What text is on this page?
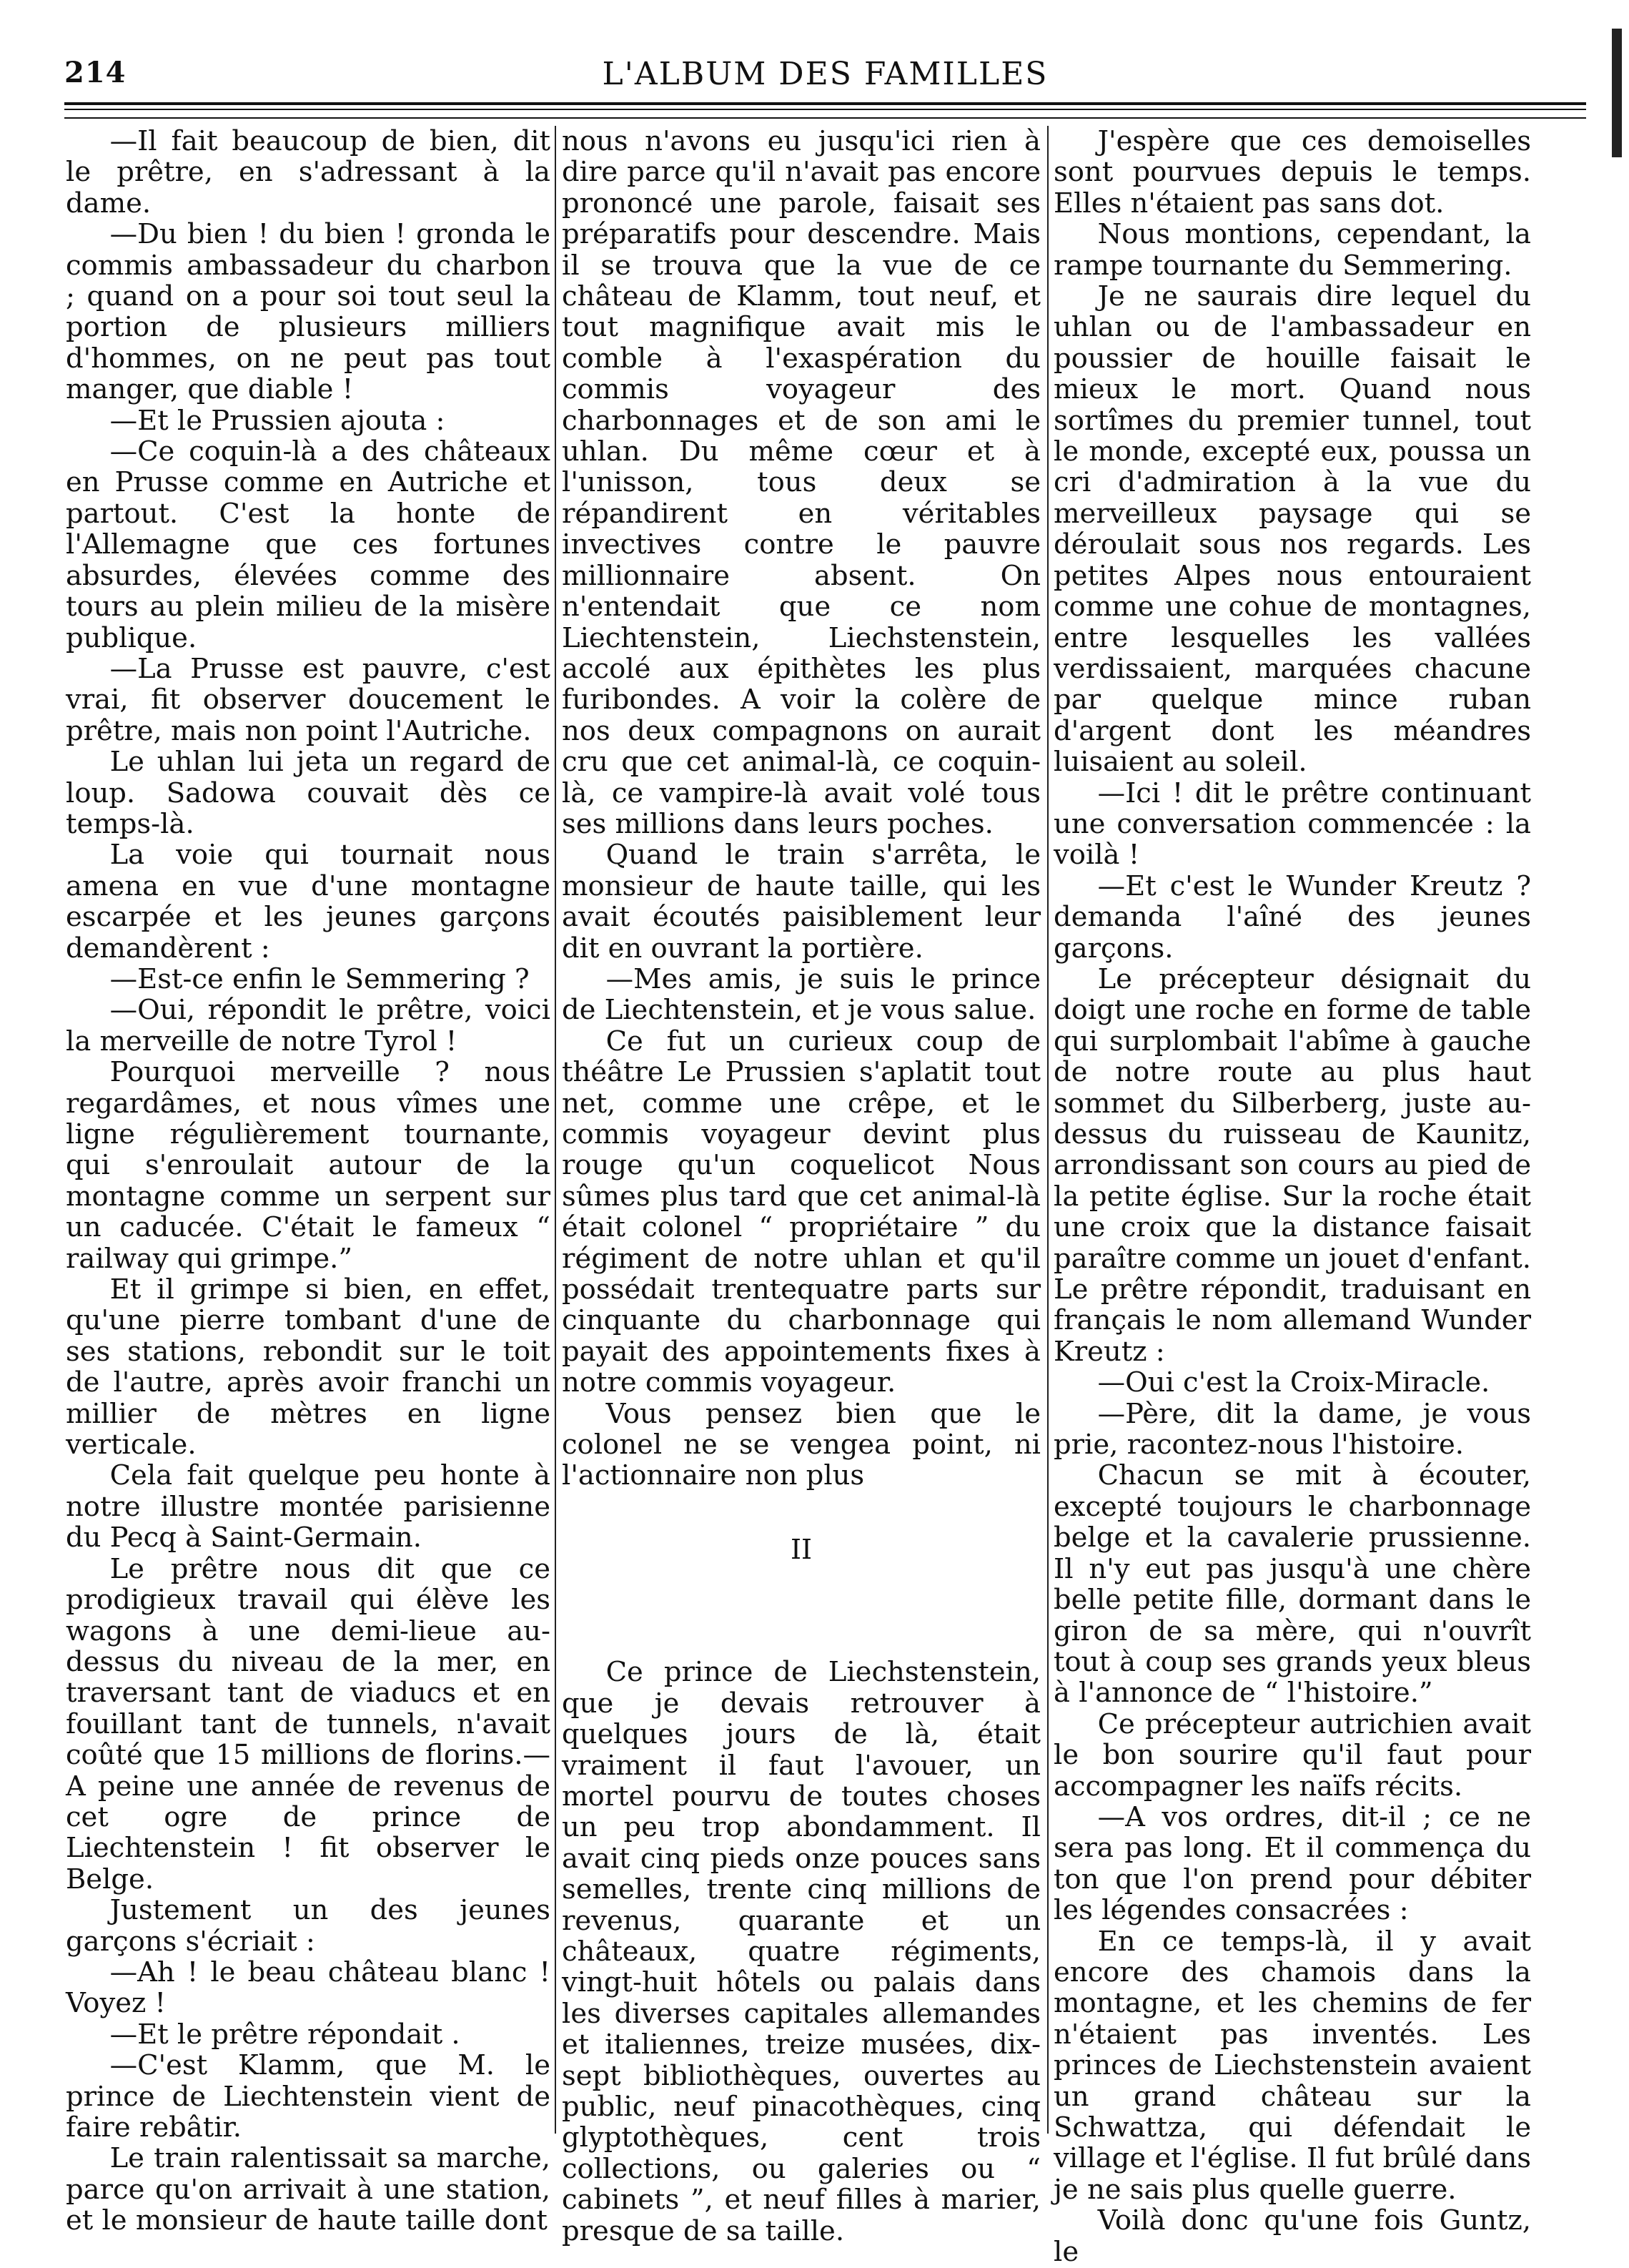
214	L'ALBUM DES FAMILLES

—Il fait beaucoup de bien, dit le prêtre, en s'adressant à la dame.

—Du bien ! du bien ! gronda le commis ambassadeur du charbon ; quand on a pour soi tout seul la portion de plusieurs milliers d'hommes, on ne peut pas tout manger, que diable !

—Et le Prussien ajouta :

—Ce coquin-là a des châteaux en Prusse comme en Autriche et partout. C'est la honte de l'Allemagne que ces fortunes absurdes, élevées comme des tours au plein milieu de la misère publique.

—La Prusse est pauvre, c'est vrai, fit observer doucement le prêtre, mais non point l'Autriche.

Le uhlan lui jeta un regard de loup. Sadowa couvait dès ce temps-là.

La voie qui tournait nous amena en vue d'une montagne escarpée et les jeunes garçons demandèrent :

—Est-ce enfin le Semmering ?

—Oui, répondit le prêtre, voici la merveille de notre Tyrol !

Pourquoi merveille ? nous regardâmes, et nous vîmes une ligne régulièrement tournante, qui s'enroulait autour de la montagne comme un serpent sur un caducée. C'était le fameux “ railway qui grimpe.”

Et il grimpe si bien, en effet, qu'une pierre tombant d'une de ses stations, rebondit sur le toit de l'autre, après avoir franchi un millier de mètres en ligne verticale.

Cela fait quelque peu honte à notre illustre montée parisienne du Pecq à Saint-Germain.

Le prêtre nous dit que ce prodigieux travail qui élève les wagons à une demi-lieue au-dessus du niveau de la mer, en traversant tant de viaducs et en fouillant tant de tunnels, n'avait coûté que 15 millions de florins.—A peine une année de revenus de cet ogre de prince de Liechtenstein ! fit observer le Belge.

Justement un des jeunes garçons s'écriait :

—Ah ! le beau château blanc ! Voyez !

—Et le prêtre répondait .

—C'est Klamm, que M. le prince de Liechtenstein vient de faire rebâtir.

Le train ralentissait sa marche, parce qu'on arrivait à une station, et le monsieur de haute taille dont

nous n'avons eu jusqu'ici rien à dire parce qu'il n'avait pas encore prononcé une parole, faisait ses préparatifs pour descendre. Mais il se trouva que la vue de ce château de Klamm, tout neuf, et tout magnifique avait mis le comble à l'exaspération du commis voyageur des charbonnages et de son ami le uhlan. Du même cœur et à l'unisson, tous deux se répandirent en véritables invectives contre le pauvre millionnaire absent. On n'entendait que ce nom Liechtenstein, Liechstenstein, accolé aux épithètes les plus furibondes. A voir la colère de nos deux compagnons on aurait cru que cet animal-là, ce coquin-là, ce vampire-là avait volé tous ses millions dans leurs poches.

Quand le train s'arrêta, le monsieur de haute taille, qui les avait écoutés paisiblement leur dit en ouvrant la portière.

—Mes amis, je suis le prince de Liechtenstein, et je vous salue.

Ce fut un curieux coup de théâtre Le Prussien s'aplatit tout net, comme une crêpe, et le commis voyageur devint plus rouge qu'un coquelicot Nous sûmes plus tard que cet animal-là était colonel “ propriétaire ” du régiment de notre uhlan et qu'il possédait trentequatre parts sur cinquante du charbonnage qui payait des appointements fixes à notre commis voyageur.

Vous pensez bien que le colonel ne se vengea point, ni l'actionnaire non plus

II

Ce prince de Liechstenstein, que je devais retrouver à quelques jours de là, était vraiment il faut l'avouer, un mortel pourvu de toutes choses un peu trop abondamment. Il avait cinq pieds onze pouces sans semelles, trente cinq millions de revenus, quarante et un châteaux, quatre régiments, vingt-huit hôtels ou palais dans les diverses capitales allemandes et italiennes, treize musées, dix-sept bibliothèques, ouvertes au public, neuf pinacothèques, cinq glyptothèques, cent trois collections, ou galeries ou “ cabinets ”, et neuf filles à marier, presque de sa taille.

J'espère que ces demoiselles sont pourvues depuis le temps. Elles n'étaient pas sans dot.

Nous montions, cependant, la rampe tournante du Semmering.

Je ne saurais dire lequel du uhlan ou de l'ambassadeur en poussier de houille faisait le mieux le mort. Quand nous sortîmes du premier tunnel, tout le monde, excepté eux, poussa un cri d'admiration à la vue du merveilleux paysage qui se déroulait sous nos regards. Les petites Alpes nous entouraient comme une cohue de montagnes, entre lesquelles les vallées verdissaient, marquées chacune par quelque mince ruban d'argent dont les méandres luisaient au soleil.

—Ici ! dit le prêtre continuant une conversation commencée : la voilà !

—Et c'est le Wunder Kreutz ? demanda l'aîné des jeunes garçons.

Le précepteur désignait du doigt une roche en forme de table qui surplombait l'abîme à gauche de notre route au plus haut sommet du Silberberg, juste au-dessus du ruisseau de Kaunitz, arrondissant son cours au pied de la petite église. Sur la roche était une croix que la distance faisait paraître comme un jouet d'enfant. Le prêtre répondit, traduisant en français le nom allemand Wunder Kreutz :

—Oui c'est la Croix-Miracle.

—Père, dit la dame, je vous prie, racontez-nous l'histoire.

Chacun se mit à écouter, excepté toujours le charbonnage belge et la cavalerie prussienne. Il n'y eut pas jusqu'à une chère belle petite fille, dormant dans le giron de sa mère, qui n'ouvrît tout à coup ses grands yeux bleus à l'annonce de “ l'histoire.”

Ce précepteur autrichien avait le bon sourire qu'il faut pour accompagner les naïfs récits.

—A vos ordres, dit-il ; ce ne sera pas long. Et il commença du ton que l'on prend pour débiter les légendes consacrées :

En ce temps-là, il y avait encore des chamois dans la montagne, et les chemins de fer n'étaient pas inventés. Les princes de Liechstenstein avaient un grand château sur la Schwattza, qui défendait le village et l'église. Il fut brûlé dans je ne sais plus quelle guerre.

Voilà donc qu'une fois Guntz, le
